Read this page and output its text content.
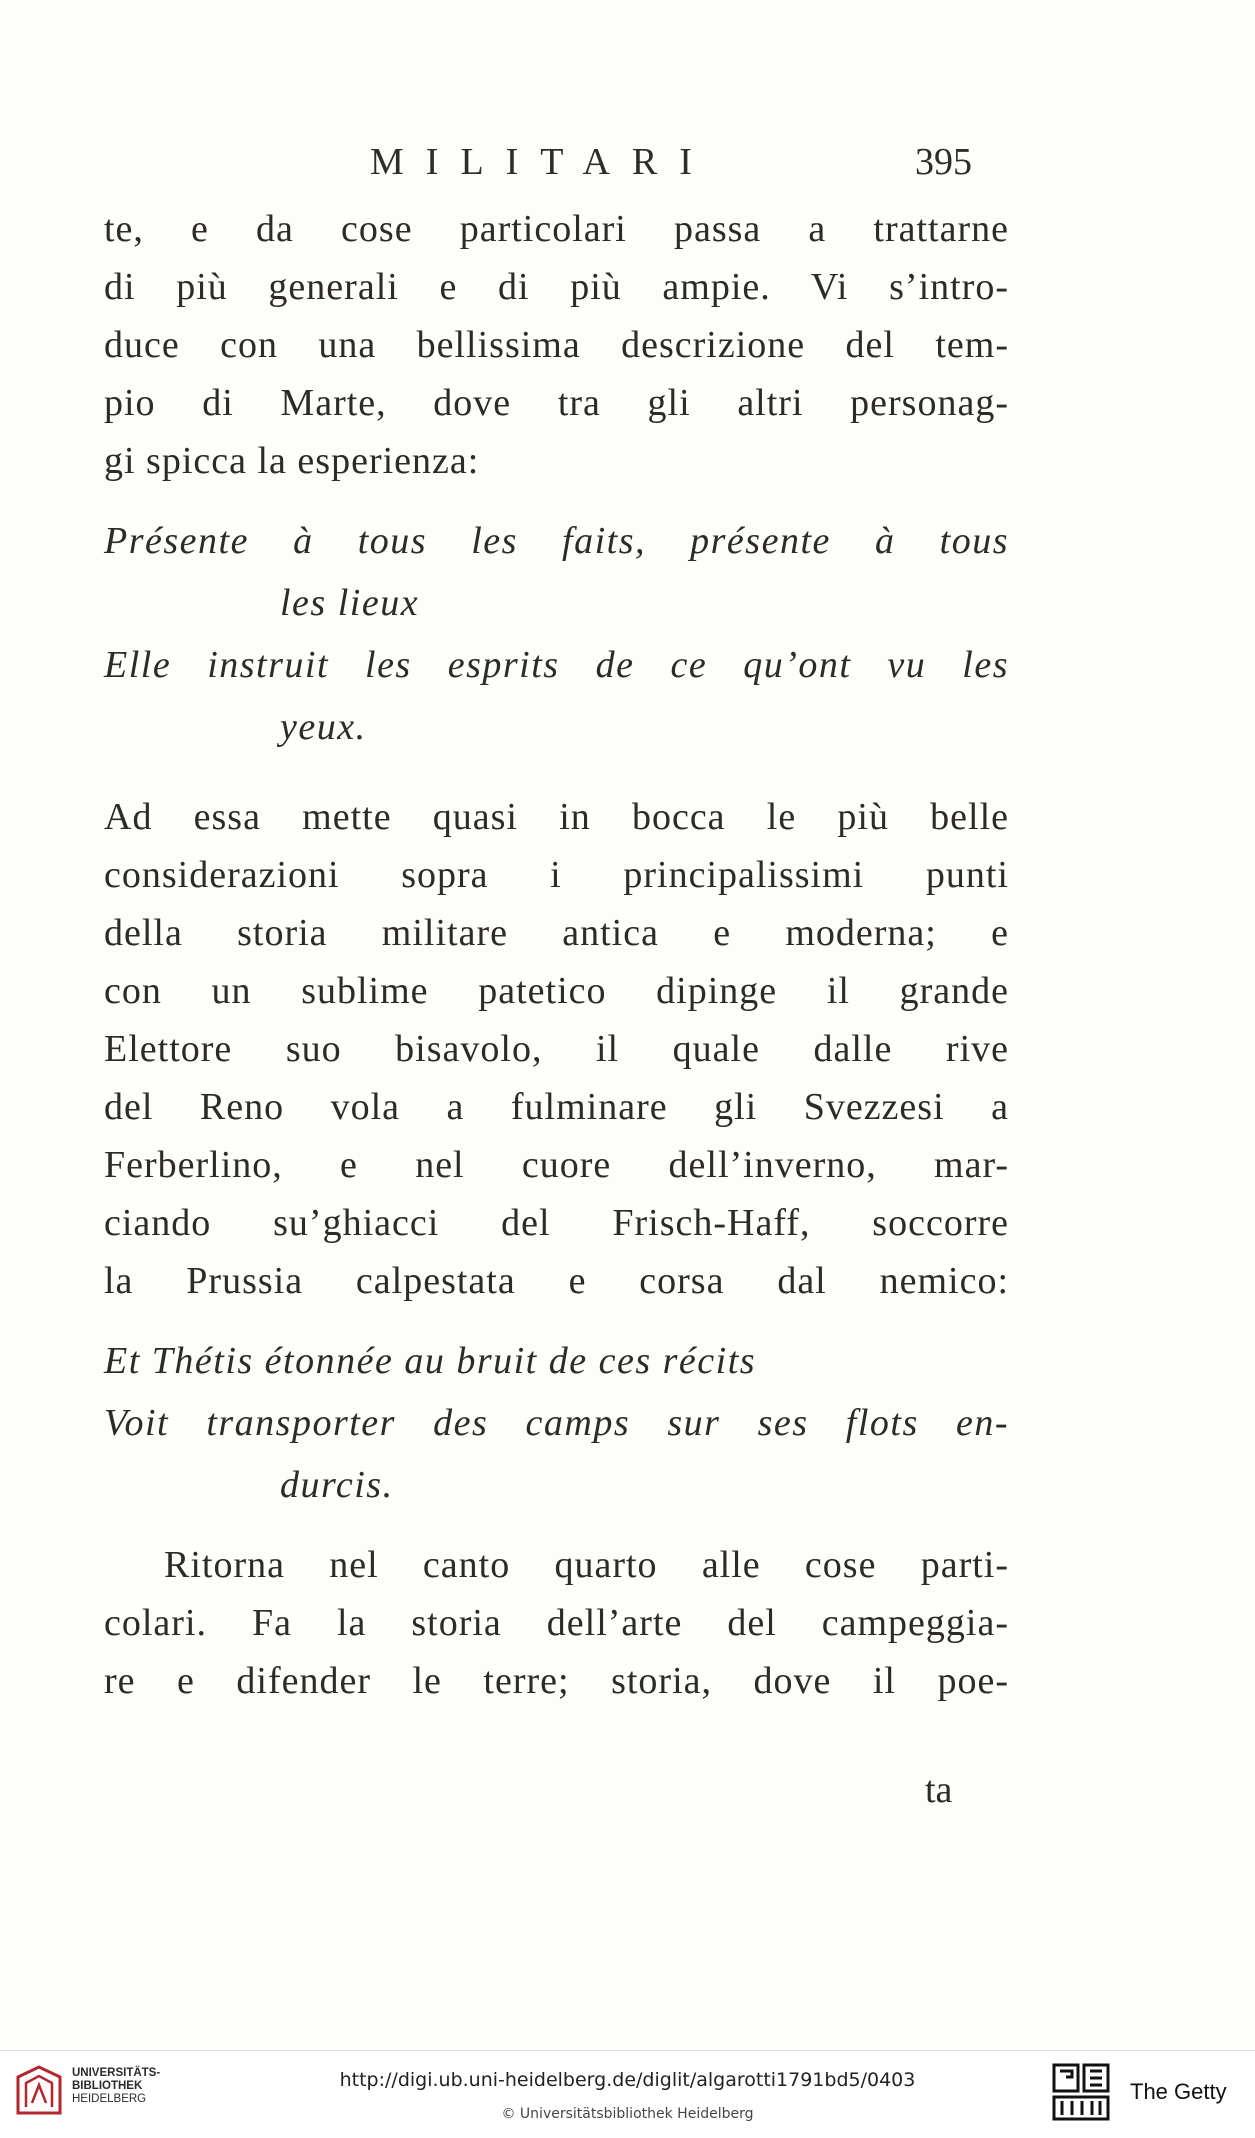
MILITARI	395
te, e da cose particolari passa a trattarne
di più generali e di più ampie. Vi s’intro-
duce con una bellissima descrizione del tem-
pio di Marte, dove tra gli altri personag-
gi spicca la esperienza:
Présente à tous les faits, présente à tous
les lieux
Elle instruit les esprits de ce qu’ont vu les
yeux.
Ad essa mette quasi in bocca le più belle
considerazioni sopra i principalissimi punti
della storia militare antica e moderna; e
con un sublime patetico dipinge il grande
Elettore suo bisavolo, il quale dalle rive
del Reno vola a fulminare gli Svezzesi a
Ferberlino, e nel cuore dell’inverno, mar-
ciando su’ghiacci del Frisch-Haff, soccorre
la Prussia calpestata e corsa dal nemico:
Et Thétis étonnée au bruit de ces récits
Voit transporter des camps sur ses flots en-
durcis.
Ritorna nel canto quarto alle cose parti-
colari. Fa la storia dell’arte del campeggia-
re e difender le terre; storia, dove il poe-
ta
UNIVERSITÄTS-
BIBLIOTHEK
HEIDELBERG
http://digi.ub.uni-heidelberg.de/diglit/algarotti1791bd5/0403
© Universitätsbibliothek Heidelberg
The Getty
